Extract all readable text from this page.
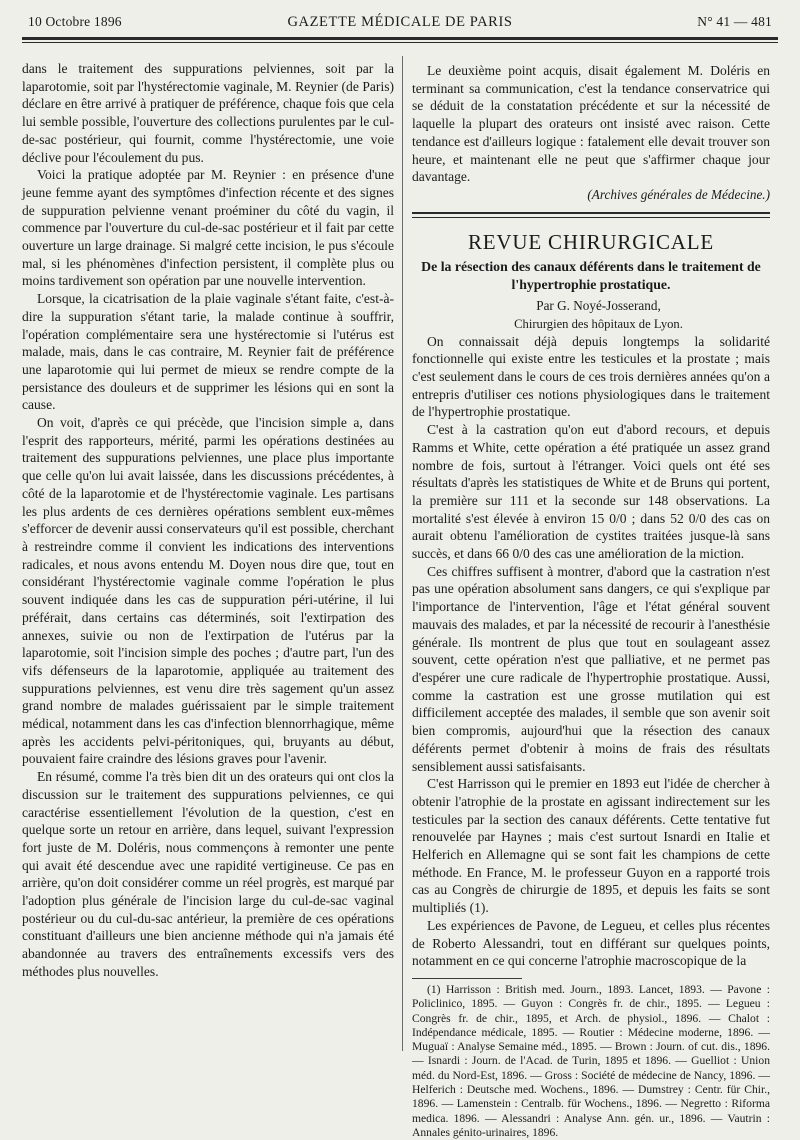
10 Octobre 1896	GAZETTE MÉDICALE DE PARIS	N° 41 — 481

dans le traitement des suppurations pelviennes, soit par la laparotomie, soit par l'hystérectomie vaginale, M. Reynier (de Paris) déclare en être arrivé à pratiquer de préférence, chaque fois que cela lui semble possible, l'ouverture des collections purulentes par le cul-de-sac postérieur, qui fournit, comme l'hystérectomie, une voie déclive pour l'écoulement du pus.

Voici la pratique adoptée par M. Reynier : en présence d'une jeune femme ayant des symptômes d'infection récente et des signes de suppuration pelvienne venant proéminer du côté du vagin, il commence par l'ouverture du cul-de-sac postérieur et il fait par cette ouverture un large drainage. Si malgré cette incision, le pus s'écoule mal, si les phénomènes d'infection persistent, il complète plus ou moins tardivement son opération par une nouvelle intervention.

Lorsque, la cicatrisation de la plaie vaginale s'étant faite, c'est-à-dire la suppuration s'étant tarie, la malade continue à souffrir, l'opération complémentaire sera une hystérectomie si l'utérus est malade, mais, dans le cas contraire, M. Reynier fait de préférence une laparotomie qui lui permet de mieux se rendre compte de la persistance des douleurs et de supprimer les lésions qui en sont la cause.

On voit, d'après ce qui précède, que l'incision simple a, dans l'esprit des rapporteurs, mérité, parmi les opérations destinées au traitement des suppurations pelviennes, une place plus importante que celle qu'on lui avait laissée, dans les discussions précédentes, à côté de la laparotomie et de l'hystérectomie vaginale. Les partisans les plus ardents de ces dernières opérations semblent eux-mêmes s'efforcer de devenir aussi conservateurs qu'il est possible, cherchant à restreindre comme il convient les indications des interventions radicales, et nous avons entendu M. Doyen nous dire que, tout en considérant l'hystérectomie vaginale comme l'opération le plus souvent indiquée dans les cas de suppuration péri-utérine, il lui préférait, dans certains cas déterminés, soit l'extirpation des annexes, suivie ou non de l'extirpation de l'utérus par la laparotomie, soit l'incision simple des poches ; d'autre part, l'un des vifs défenseurs de la laparotomie, appliquée au traitement des suppurations pelviennes, est venu dire très sagement qu'un assez grand nombre de malades guérissaient par le simple traitement médical, notamment dans les cas d'infection blennorrhagique, même après les accidents pelvi-péritoniques, qui, bruyants au début, pouvaient faire craindre des lésions graves pour l'avenir.

En résumé, comme l'a très bien dit un des orateurs qui ont clos la discussion sur le traitement des suppurations pelviennes, ce qui caractérise essentiellement l'évolution de la question, c'est en quelque sorte un retour en arrière, dans lequel, suivant l'expression fort juste de M. Doléris, nous commençons à remonter une pente qui avait été descendue avec une rapidité vertigineuse. Ce pas en arrière, qu'on doit considérer comme un réel progrès, est marqué par l'adoption plus générale de l'incision large du cul-de-sac vaginal postérieur ou du cul-du-sac antérieur, la première de ces opérations constituant d'ailleurs une bien ancienne méthode qui n'a jamais été abandonnée au travers des entraînements excessifs vers des méthodes plus nouvelles.

Le deuxième point acquis, disait également M. Doléris en terminant sa communication, c'est la tendance conservatrice qui se déduit de la constatation précédente et sur la nécessité de laquelle la plupart des orateurs ont insisté avec raison. Cette tendance est d'ailleurs logique : fatalement elle devait trouver son heure, et maintenant elle ne peut que s'affirmer chaque jour davantage.

(Archives générales de Médecine.)

REVUE CHIRURGICALE
De la résection des canaux déférents dans le traitement de l'hypertrophie prostatique.

Par G. Noyé-Josserand,

Chirurgien des hôpitaux de Lyon.

On connaissait déjà depuis longtemps la solidarité fonctionnelle qui existe entre les testicules et la prostate ; mais c'est seulement dans le cours de ces trois dernières années qu'on a entrepris d'utiliser ces notions physiologiques dans le traitement de l'hypertrophie prostatique.

C'est à la castration qu'on eut d'abord recours, et depuis Ramms et White, cette opération a été pratiquée un assez grand nombre de fois, surtout à l'étranger. Voici quels ont été ses résultats d'après les statistiques de White et de Bruns qui portent, la première sur 111 et la seconde sur 148 observations. La mortalité s'est élevée à environ 15 0/0 ; dans 52 0/0 des cas on aurait obtenu l'amélioration de cystites traitées jusque-là sans succès, et dans 66 0/0 des cas une amélioration de la miction.

Ces chiffres suffisent à montrer, d'abord que la castration n'est pas une opération absolument sans dangers, ce qui s'explique par l'importance de l'intervention, l'âge et l'état général souvent mauvais des malades, et par la nécessité de recourir à l'anesthésie générale. Ils montrent de plus que tout en soulageant assez souvent, cette opération n'est que palliative, et ne permet pas d'espérer une cure radicale de l'hypertrophie prostatique. Aussi, comme la castration est une grosse mutilation qui est difficilement acceptée des malades, il semble que son avenir soit bien compromis, aujourd'hui que la résection des canaux déférents permet d'obtenir à moins de frais des résultats sensiblement aussi satisfaisants.

C'est Harrisson qui le premier en 1893 eut l'idée de chercher à obtenir l'atrophie de la prostate en agissant indirectement sur les testicules par la section des canaux déférents. Cette tentative fut renouvelée par Haynes ; mais c'est surtout Isnardi en Italie et Helferich en Allemagne qui se sont fait les champions de cette méthode. En France, M. le professeur Guyon en a rapporté trois cas au Congrès de chirurgie de 1895, et depuis les faits se sont multipliés (1).

Les expériences de Pavone, de Legueu, et celles plus récentes de Roberto Alessandri, tout en différant sur quelques points, notamment en ce qui concerne l'atrophie macroscopique de la

(1) Harrisson : British med. Journ., 1893. Lancet, 1893. — Pavone : Policlinico, 1895. — Guyon : Congrès fr. de chir., 1895. — Legueu : Congrès fr. de chir., 1895, et Arch. de physiol., 1896. — Chalot : Indépendance médicale, 1895. — Routier : Médecine moderne, 1896. — Muguaï : Analyse Semaine méd., 1895. — Brown : Journ. of cut. dis., 1896. — Isnardi : Journ. de l'Acad. de Turin, 1895 et 1896. — Guelliot : Union méd. du Nord-Est, 1896. — Gross : Société de médecine de Nancy, 1896. — Helferich : Deutsche med. Wochens., 1896. — Dumstrey : Centr. für Chir., 1896. — Lamenstein : Centralb. für Wochens., 1896. — Negretto : Riforma medica. 1896. — Alessandri : Analyse Ann. gén. ur., 1896. — Vautrin : Annales génito-urinaires, 1896.
